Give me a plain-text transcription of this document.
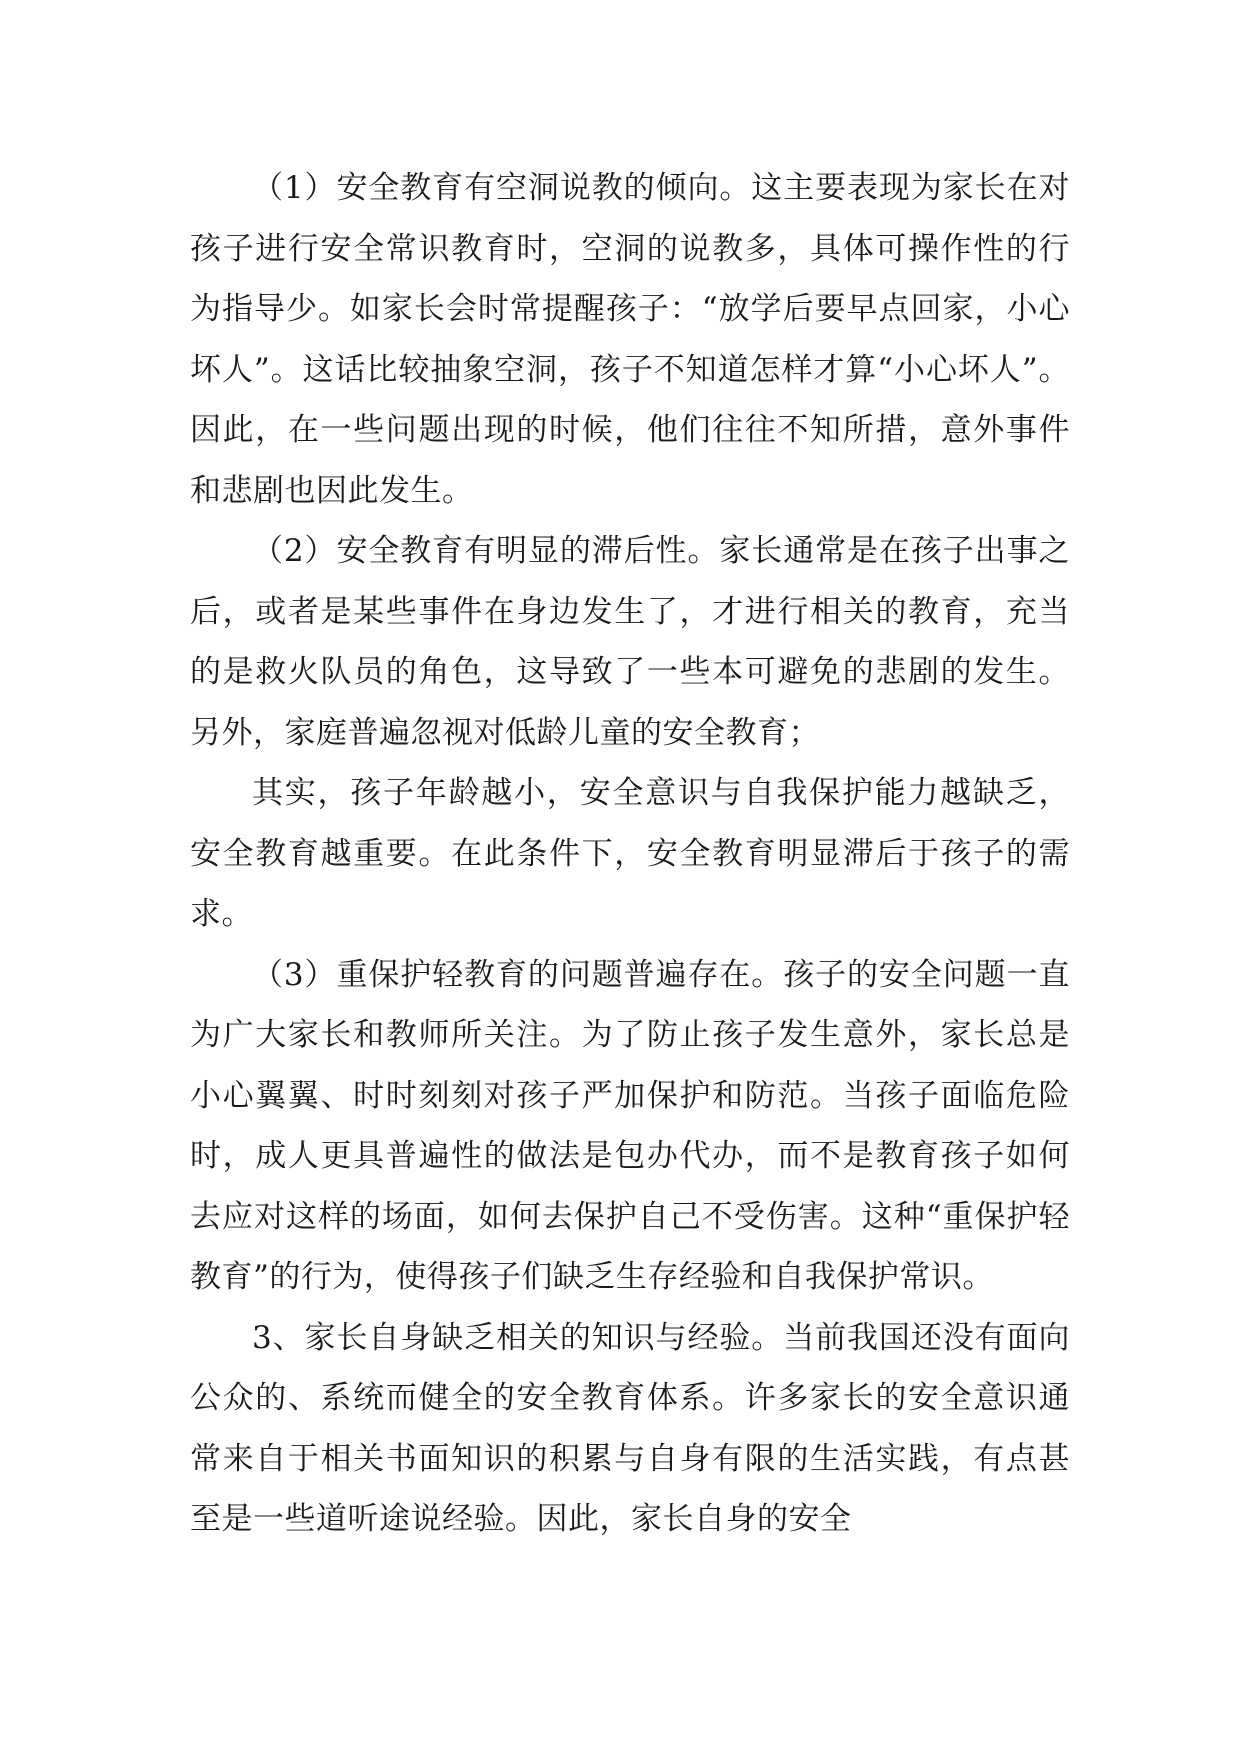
（1）安全教育有空洞说教的倾向。这主要表现为家长在对孩子进行安全常识教育时，空洞的说教多，具体可操作性的行为指导少。如家长会时常提醒孩子：“放学后要早点回家，小心坏人”。这话比较抽象空洞，孩子不知道怎样才算“小心坏人”。因此，在一些问题出现的时候，他们往往不知所措，意外事件和悲剧也因此发生。

（2）安全教育有明显的滞后性。家长通常是在孩子出事之后，或者是某些事件在身边发生了，才进行相关的教育，充当的是救火队员的角色，这导致了一些本可避免的悲剧的发生。另外，家庭普遍忽视对低龄儿童的安全教育；

其实，孩子年龄越小，安全意识与自我保护能力越缺乏，安全教育越重要。在此条件下，安全教育明显滞后于孩子的需求。

（3）重保护轻教育的问题普遍存在。孩子的安全问题一直为广大家长和教师所关注。为了防止孩子发生意外，家长总是小心翼翼、时时刻刻对孩子严加保护和防范。当孩子面临危险时，成人更具普遍性的做法是包办代办，而不是教育孩子如何去应对这样的场面，如何去保护自己不受伤害。这种“重保护轻教育”的行为，使得孩子们缺乏生存经验和自我保护常识。

3、家长自身缺乏相关的知识与经验。当前我国还没有面向公众的、系统而健全的安全教育体系。许多家长的安全意识通常来自于相关书面知识的积累与自身有限的生活实践，有点甚至是一些道听途说经验。因此，家长自身的安全
